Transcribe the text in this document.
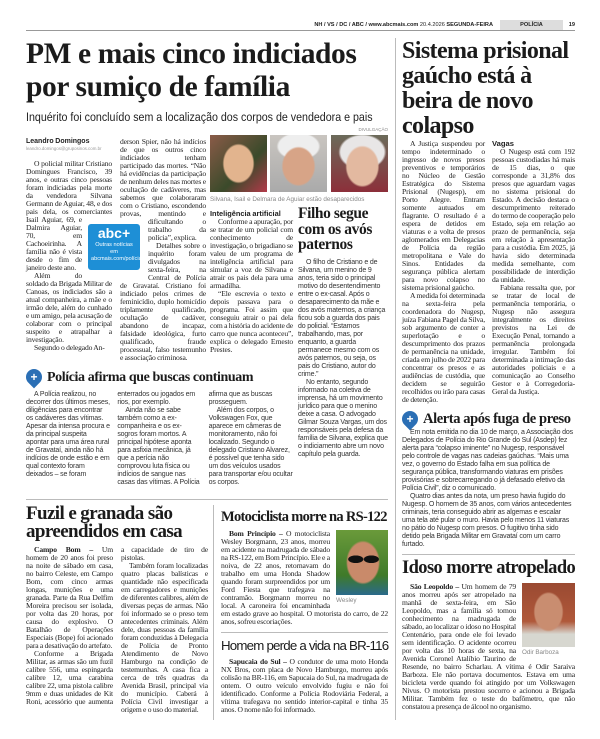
NH / VS / DC / ABC / www.abcmais.com 20.4.2026 SEGUNDA-FEIRA	POLÍCIA	19
PM e mais cinco indiciados
por sumiço de família
Inquérito foi concluído sem a localização dos corpos de vendedora e pais
Leandro Domingos
leandro.domingos@gruposinos.com.br

O policial militar Cristiano Domingues Francisco, 39 anos, e outras cinco pessoas foram indiciadas pela morte da vendedora Silvana Germann de Aguiar, 48, e dos pais dela, os comerciantes Isail Aguiar, 69, e Dalmira Aguiar, 70, em Cachoeirinha. A família não é vista desde o fim de janeiro deste ano.

Além do soldado da Brigada Militar de Canoas, os indiciados são a atual companheira, a mãe e o irmão dele, além do cunhado e um amigo, pela acusação de colaborar com o principal suspeito e atrapalhar a investigação.

Segundo o delegado An-

derson Spier, não há indícios de que os outros cinco indiciados tenham participado das mortes. “Não há evidências da participação de nenhum deles nas mortes e ocultação de cadáveres, mas sabemos que colaboraram com o Cristiano, escondendo provas, mentindo e dificultando o trabalho da polícia”, explica.

Detalhes sobre o inquérito foram divulgados na sexta-feira, na Central de Polícia de Gravataí. Cristiano foi indiciado pelos crimes de feminicídio, duplo homicídio triplamente qualificado, ocultação de cadáver, abandono de incapaz, falsidade ideológica, furto qualificado, fraude processual, falso testemunho e associação criminosa.

abc+
Outras notícias em abcmais.com/polícia
DIVULGAÇÃO
Silvana, Isail e Delmara de Aguiar estão desaparecidos
Inteligência artificial

Conforme a apuração, por se tratar de um policial com conhecimento de investigação, o brigadiano se valeu de um programa de inteligência artificial para simular a voz de Silvana e atrair os pais dela para uma armadilha.

“Ele escrevia o texto e depois passava para o programa. Foi assim que conseguiu atrair o pai dela com a história do acidente de carro que nunca aconteceu”, explica o delegado Ernesto Prestes.

Filho segue com os avós paternos

O filho de Cristiano e de Silvana, um menino de 9 anos, teria sido o principal motivo do desentendimento entre o ex-casal. Após o desaparecimento da mãe e dos avós maternos, a criança ficou sob a guarda dos pais do policial. “Estamos trabalhando, mas, por enquanto, a guarda permanece mesmo com os avós paternos, ou seja, os pais do Cristiano, autor do crime.”

No entanto, segundo informado na coletiva de imprensa, há um movimento jurídico para que o menino deixe a casa. O advogado Gilmar Souza Vargas, um dos responsáveis pela defesa da família de Silvana, explica que o indiciamento abre um novo capítulo pela guarda.

+ Polícia afirma que buscas continuam

A Polícia realizou, no decorrer dos últimos meses, diligências para encontrar os cadáveres das vítimas. Apesar da intensa procura e da principal suspeita apontar para uma área rural de Gravataí, ainda não há indícios de onde estão e em qual contexto foram deixados – se foram enterrados ou jogados em rios, por exemplo.

Ainda não se sabe também como a ex-companheira e os ex-sogros foram mortos. A principal hipótese aponta para asfixia mecânica, já que a perícia não comprovou luta física ou indícios de sangue nas casas das vítimas. A Polícia afirma que as buscas prosseguem.

Além dos corpos, o Volkswagen Fox, que aparece em câmeras de monitoramento, não foi localizado. Segundo o delegado Cristiano Alvarez, é possível que tenha sido um dos veículos usados para transportar e/ou ocultar os corpos.

Fuzil e granada são apreendidos em casa

Campo Bom – Um homem de 20 anos foi preso na noite de sábado em casa, no bairro Celeste, em Campo Bom, com cinco armas longas, munições e uma granada. Parte da Rua Delfim Moreira precisou ser isolada, por volta das 20 horas, por causa do explosivo. O Batalhão de Operações Especiais (Bope) foi acionado para a desativação do artefato.

Conforme a Brigada Militar, as armas são um fuzil calibre 556, uma espingarda calibre 12, uma carabina calibre 22, uma pistola calibre 9mm e duas unidades de Kit Roni, acessório que aumenta a capacidade de tiro de pistolas.

Também foram localizadas quatro placas balísticas e quantidade não especificada em carregadores e munições de diferentes calibres, além de diversas peças de armas. Não foi informado se o preso tem antecedentes criminais. Além dele, duas pessoas da família foram conduzidas à Delegacia de Polícia de Pronto Atendimento de Novo Hamburgo na condição de testemunhas. A casa fica a cerca de três quadras da Avenida Brasil, principal via do município. Caberá à Polícia Civil investigar a origem e o uso do material.

Motociclista morre na RS-122
Wesley

Bom Princípio – O motociclista Wesley Borgmann, 23 anos, morreu em acidente na madrugada de sábado na RS-122, em Bom Princípio. Ele e a noiva, de 22 anos, retornavam do trabalho em uma Honda Shadow quando foram surpreendidos por um Ford Fiesta que trafegava na contramão. Borgmann morreu no local. A caroneira foi encaminhada em estado grave ao hospital. O motorista do carro, de 22 anos, sofreu escoriações.

Homem perde a vida na BR-116

Sapucaia do Sul – O condutor de uma moto Honda NX Bros, com placa de Novo Hamburgo, morreu após colisão na BR-116, em Sapucaia do Sul, na madrugada de ontem. O outro veículo envolvido fugiu e não foi identificado. Conforme a Polícia Rodoviária Federal, a vítima trafegava no sentido interior-capital e tinha 35 anos. O nome não foi informado.

Sistema prisional gaúcho está à beira de novo colapso

A Justiça suspendeu por tempo indeterminado o ingresso de novos presos preventivos e temporários no Núcleo de Gestão Estratégica do Sistema Prisional (Nugesp), em Porto Alegre. Entram somente autuados em flagrante. O resultado é a espera de detidos em viaturas e a volta de presos aglomerados em Delegacias de Polícia da região metropolitana e Vale do Sinos. Entidades da segurança pública alertam para novo colapso no sistema prisional gaúcho.

A medida foi determinada na sexta-feira pela coordenadora do Nugesp, juíza Fabiana Pagel da Silva, sob argumento de conter a superlotação e o descumprimento dos prazos de permanência na unidade, criada em julho de 2022 para concentrar os presos e as audiências de custódia, que decidem se seguirão recolhidos ou irão para casas de detenção.

Vagas

O Nugesp está com 192 pessoas custodiadas há mais de 15 dias, o que corresponde a 31,8% dos presos que aguardam vagas no sistema prisional do Estado. A decisão destaca o descumprimento reiterado do termo de cooperação pelo Estado, seja em relação ao prazo de permanência, seja em relação à apresentação para a custódia. Em 2025, já havia sido determinada medida semelhante, com possibilidade de interdição da unidade.

Fabiana ressalta que, por se tratar de local de permanência temporária, o Nugesp não assegura integralmente os direitos previstos na Lei de Execução Penal, tornando a permanência prolongada irregular. Também foi determinada a intimação das autoridades policiais e a comunicação ao Conselho Gestor e à Corregedoria-Geral da Justiça.

+ Alerta após fuga de preso

Em nota emitida no dia 10 de março, a Associação dos Delegados de Polícia do Rio Grande do Sul (Asdep) fez alerta para “colapso iminente” no Nugesp, responsável pelo controle de vagas nas cadeias gaúchas. “Mais uma vez, o governo do Estado falha em sua política de segurança pública, transformando viaturas em prisões provisórias e sobrecarregando o já defasado efetivo da Polícia Civil”, diz o comunicado.

Quatro dias antes da nota, um preso havia fugido do Nugesp. O homem de 35 anos, com vários antecedentes criminais, teria conseguido abrir as algemas e escalar uma tela até pular o muro. Havia pelo menos 11 viaturas no pátio do Nugesp com presos. O fugitivo tinha sido detido pela Brigada Militar em Gravataí com um carro furtado.

Idoso morre atropelado
Odir Barboza

São Leopoldo – Um homem de 79 anos morreu após ser atropelado na manhã de sexta-feira, em São Leopoldo, mas a família só tomou conhecimento na madrugada de sábado, ao localizar o idoso no Hospital Centenário, para onde ele foi levado sem identificação. O acidente ocorreu por volta das 10 horas de sexta, na Avenida Coronel Atalíbio Taurino de Resende, no bairro Scharlau. A vítima é Odir Saraiva Barboza. Ele não portava documentos. Estava em uma bicicleta verde quando foi atingido por um Volkswagen Nivus. O motorista prestou socorro e acionou a Brigada Militar. Também fez o teste do bafômetro, que não constatou a presença de álcool no organismo.
